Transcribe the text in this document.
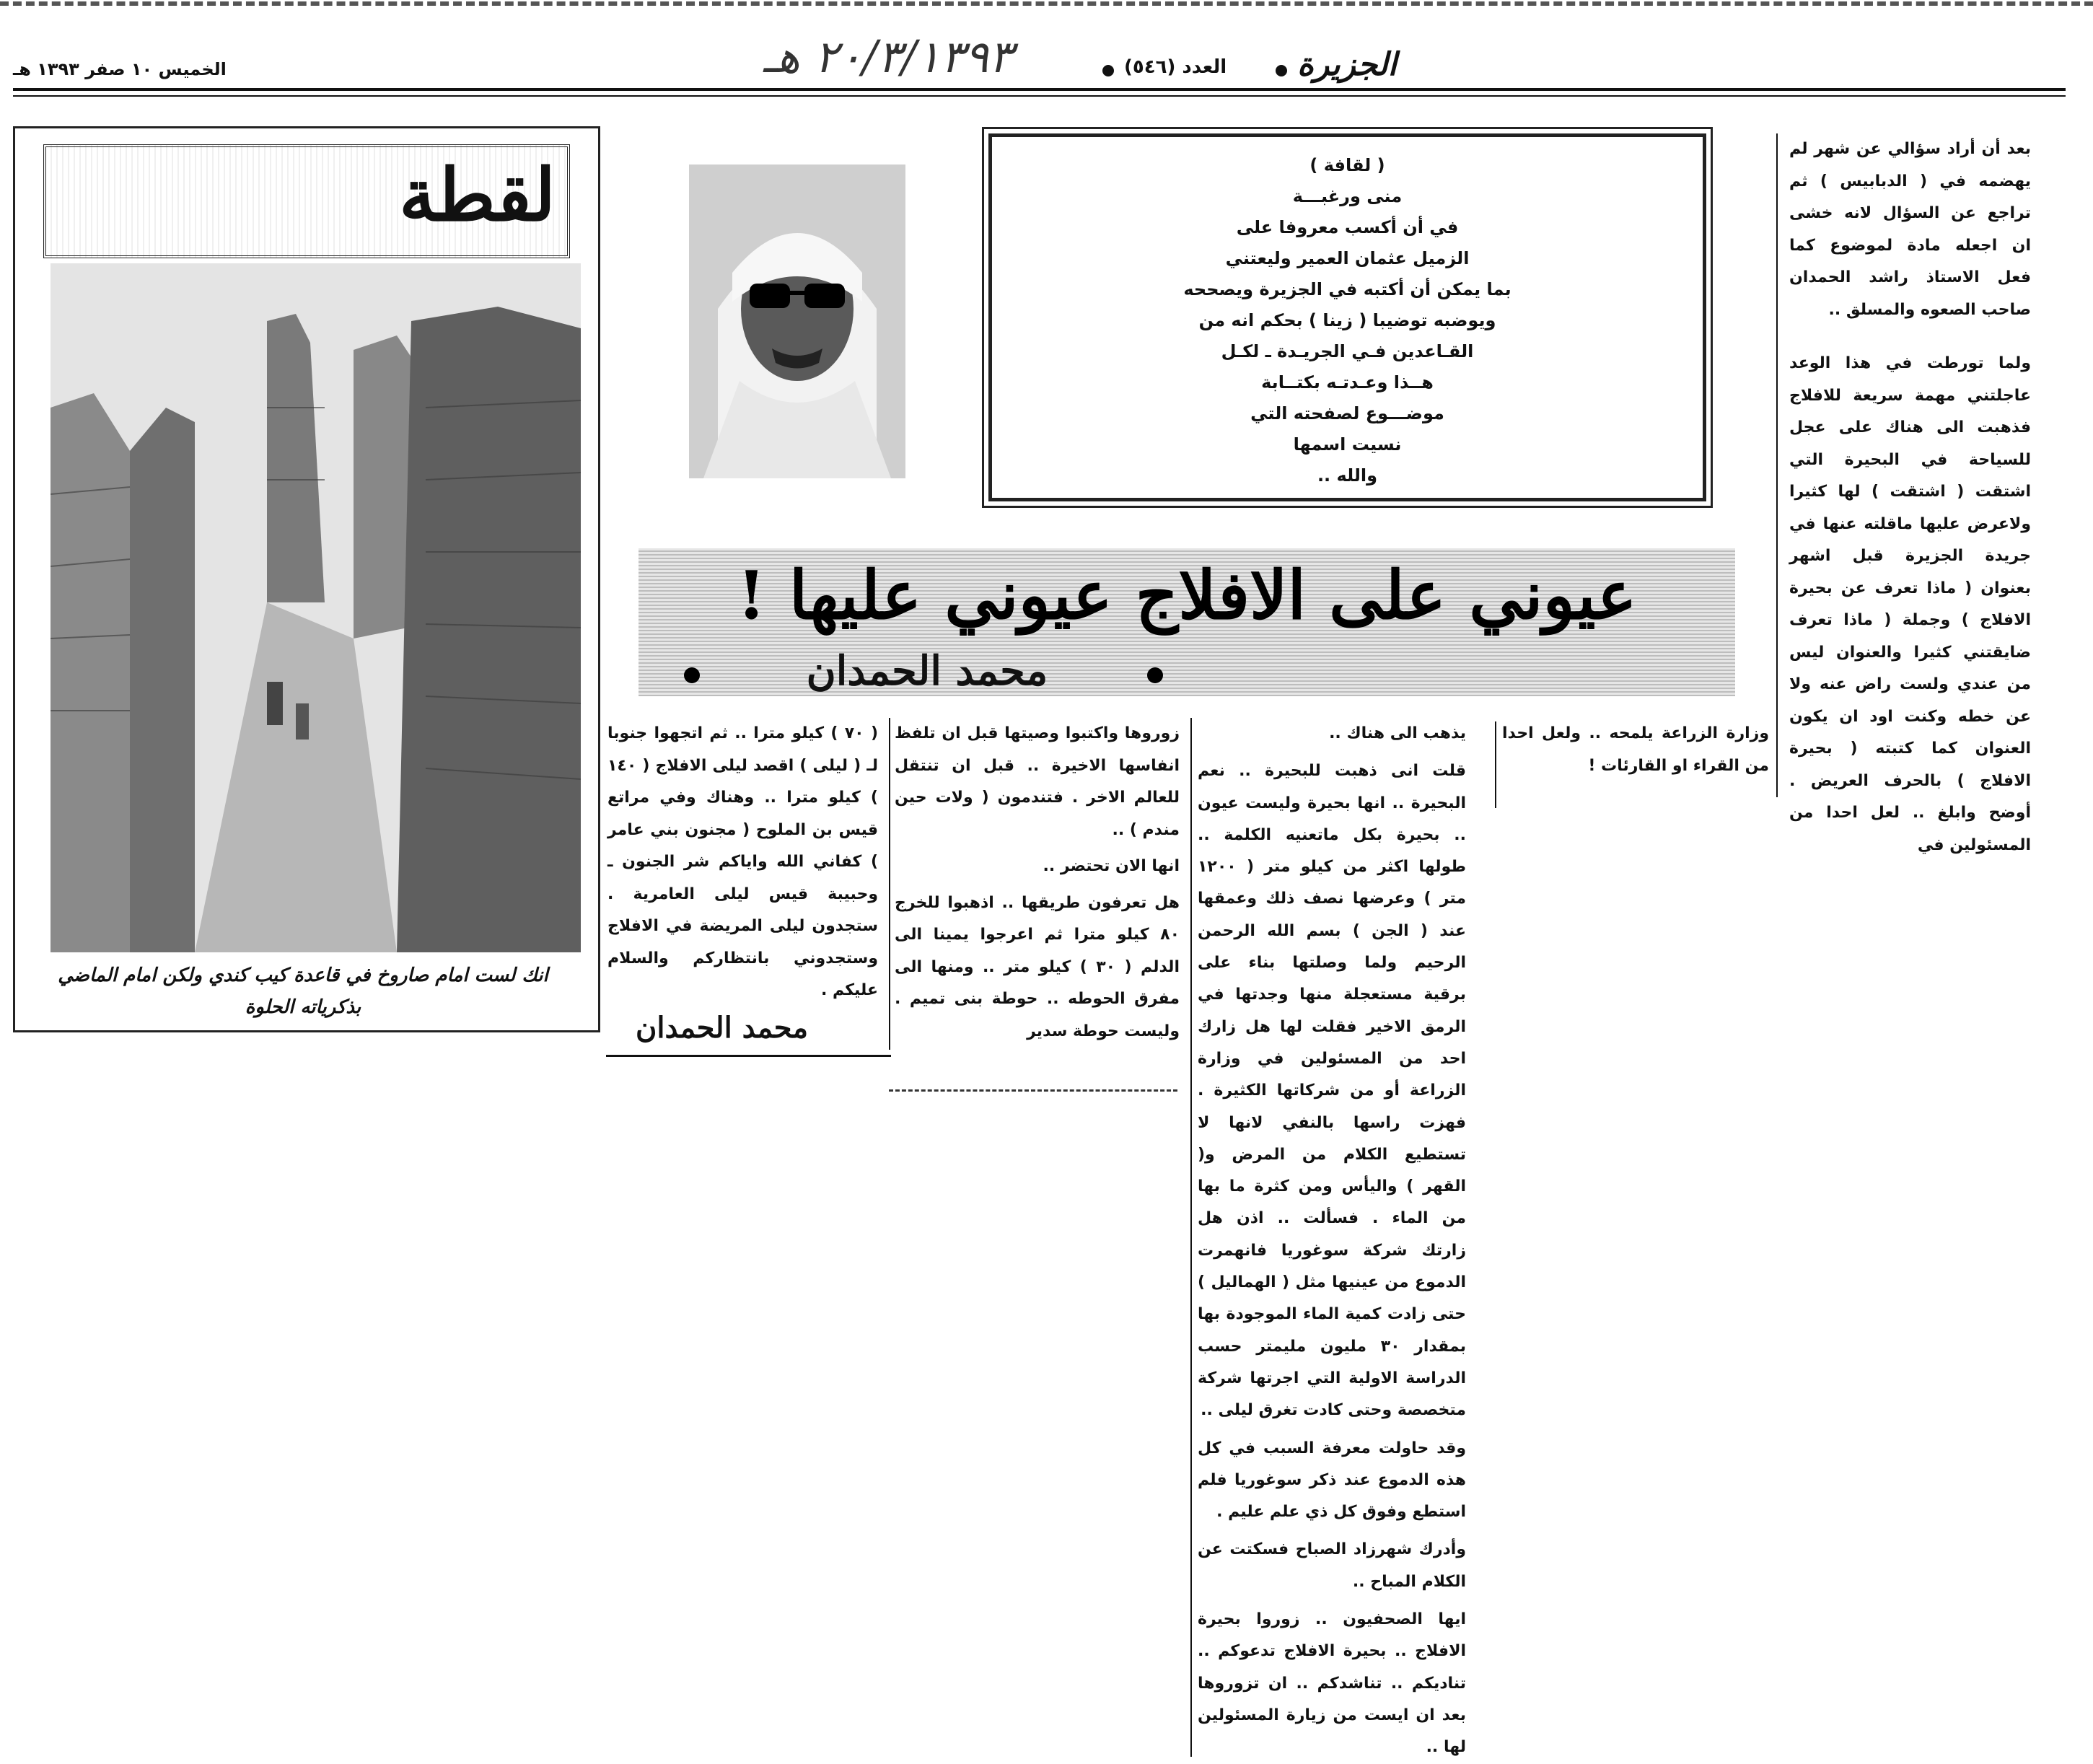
الخميس ١٠ صفر ١٣٩٣ هـ	٢٠/٣/١٣٩٣ هـ	العدد (٥٤٦) الجزيرة

بعد أن أراد سؤالي عن شهر لم يهضمه في ( الدبابيس ) ثم تراجع عن السؤال لانه خشى ان اجعله مادة لموضوع كما فعل الاستاذ راشد الحمدان صاحب الصعوه والمسلق ..

ولما تورطت في هذا الوعد عاجلتني مهمة سريعة للافلاج فذهبت الى هناك على عجل للسياحة في البحيرة التي اشتقت ( اشتقت ) لها كثيرا ولاعرض عليها ماقلته عنها في جريدة الجزيرة قبل اشهر بعنوان ( ماذا تعرف عن بحيرة الافلاج ) وجملة ( ماذا تعرف ضايقتني كثيرا والعنوان ليس من عندي ولست راض عنه ولا عن خطه وكنت اود ان يكون العنوان كما كتبته ( بحيرة الافلاج ) بالحرف العريض . أوضح وابلغ .. لعل احدا من المسئولين في

( لقافة )
منى ورغبـــة
في أن أكسب معروفا على
الزميل عثمان العمير وليعتني
بما يمكن أن أكتبه في الجزيرة ويصححه
ويوضبه توضيبا ( زينا ) بحكم انه من
القـاعدين فـي الجريـدة ـ لكـل
هــذا وعـدتـه بكتــابة
موضـــوع لصفحته التي
نسيت اسمها
والله ..
عيوني على الافلاج عيوني عليها !
محمد الحمدان

وزارة الزراعة يلمحه .. ولعل احدا من القراء او القارئات !

يذهب الى هناك ..

قلت انى ذهبت للبحيرة .. نعم البحيرة .. انها بحيرة وليست عيون .. بحيرة بكل ماتعنيه الكلمة .. طولها اكثر من كيلو متر ( ١٢٠٠ متر ) وعرضها نصف ذلك وعمقها عند ( الجن ) بسم الله الرحمن الرحيم ولما وصلتها بناء على برقية مستعجلة منها وجدتها في الرمق الاخير فقلت لها هل زارك احد من المسئولين في وزارة الزراعة أو من شركاتها الكثيرة . فهزت راسها بالنفي لانها لا تستطيع الكلام من المرض و( القهر ) واليأس ومن كثرة ما بها من الماء . فسألت .. اذن هل زارتك شركة سوغوريا فانهمرت الدموع من عينيها مثل ( الهماليل ) حتى زادت كمية الماء الموجودة بها بمقدار ٣٠ مليون مليمتر حسب الدراسة الاولية التي اجرتها شركة متخصصة وحتى كادت تغرق ليلى ..

وقد حاولت معرفة السبب في كل هذه الدموع عند ذكر سوغوريا فلم استطع وفوق كل ذي علم عليم .

وأدرك شهرزاد الصباح فسكتت عن الكلام المباح ..

ايها الصحفيون .. زوروا بحيرة الافلاج .. بحيرة الافلاج تدعوكم .. تناديكم .. تناشدكم .. ان تزوروها بعد ان ايست من زيارة المسئولين لها ..

زوروها واكتبوا وصيتها قبل ان تلفظ انفاسها الاخيرة .. قبل ان تنتقل للعالم الاخر . فتندمون ( ولات حين مندم ) ..

انها الان تحتضر ..

هل تعرفون طريقها .. اذهبوا للخرج ٨٠ كيلو مترا ثم اعرجوا يمينا الى الدلم ( ٣٠ ) كيلو متر .. ومنها الى مفرق الحوطه .. حوطة بنى تميم . وليست حوطة سدير

( ٧٠ ) كيلو مترا .. ثم اتجهوا جنوبا لـ ( ليلى ) اقصد ليلى الافلاج ( ١٤٠ ) كيلو مترا .. وهناك وفي مراتع قيس بن الملوح ( مجنون بني عامر ) كفاني الله واياكم شر الجنون ـ وحبيبة قيس ليلى العامرية . ستجدون ليلى المريضة في الافلاج وستجدوني بانتظاركم والسلام عليكم .

محمد الحمدان
لقطة
انك لست امام صاروخ في قاعدة كيب كندي ولكن امام الماضي بذكرياته الحلوة
